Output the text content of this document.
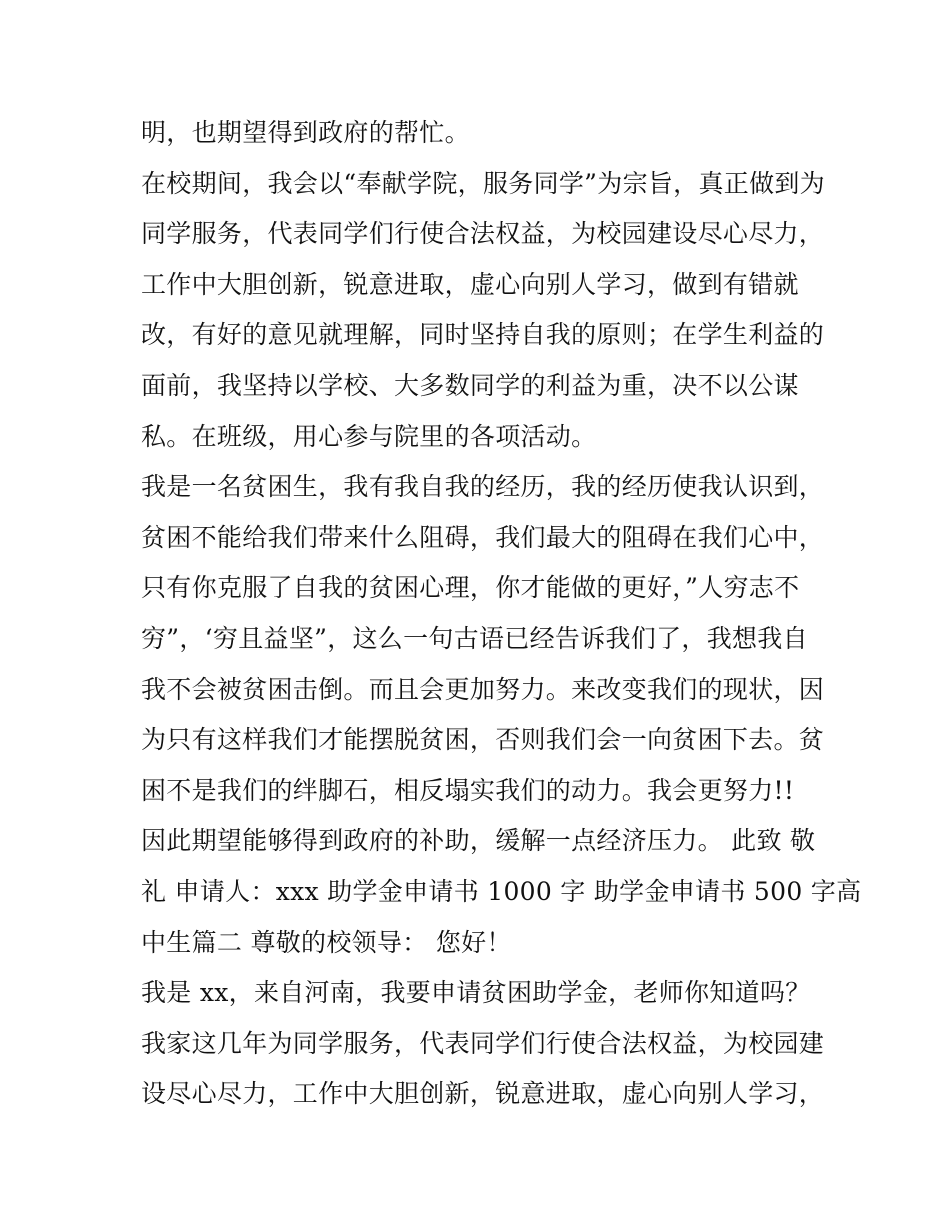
明，也期望得到政府的帮忙。
在校期间，我会以“奉献学院，服务同学”为宗旨，真正做到为
同学服务，代表同学们行使合法权益，为校园建设尽心尽力，
工作中大胆创新，锐意进取，虚心向别人学习，做到有错就
改，有好的意见就理解，同时坚持自我的原则；在学生利益的
面前，我坚持以学校、大多数同学的利益为重，决不以公谋
私。在班级，用心参与院里的各项活动。
我是一名贫困生，我有我自我的经历，我的经历使我认识到，
贫困不能给我们带来什么阻碍，我们最大的阻碍在我们心中，
只有你克服了自我的贫困心理，你才能做的更好，”人穷志不
穷”，‘穷且益坚”，这么一句古语已经告诉我们了，我想我自
我不会被贫困击倒。而且会更加努力。来改变我们的现状，因
为只有这样我们才能摆脱贫困，否则我们会一向贫困下去。贫
困不是我们的绊脚石，相反塌实我们的动力。我会更努力!!
因此期望能够得到政府的补助，缓解一点经济压力。 此致 敬
礼 申请人：xxx 助学金申请书 1000 字 助学金申请书 500 字高
中生篇二 尊敬的校领导： 您好！
我是 xx，来自河南，我要申请贫困助学金，老师你知道吗？
我家这几年为同学服务，代表同学们行使合法权益，为校园建
设尽心尽力，工作中大胆创新，锐意进取，虚心向别人学习，
